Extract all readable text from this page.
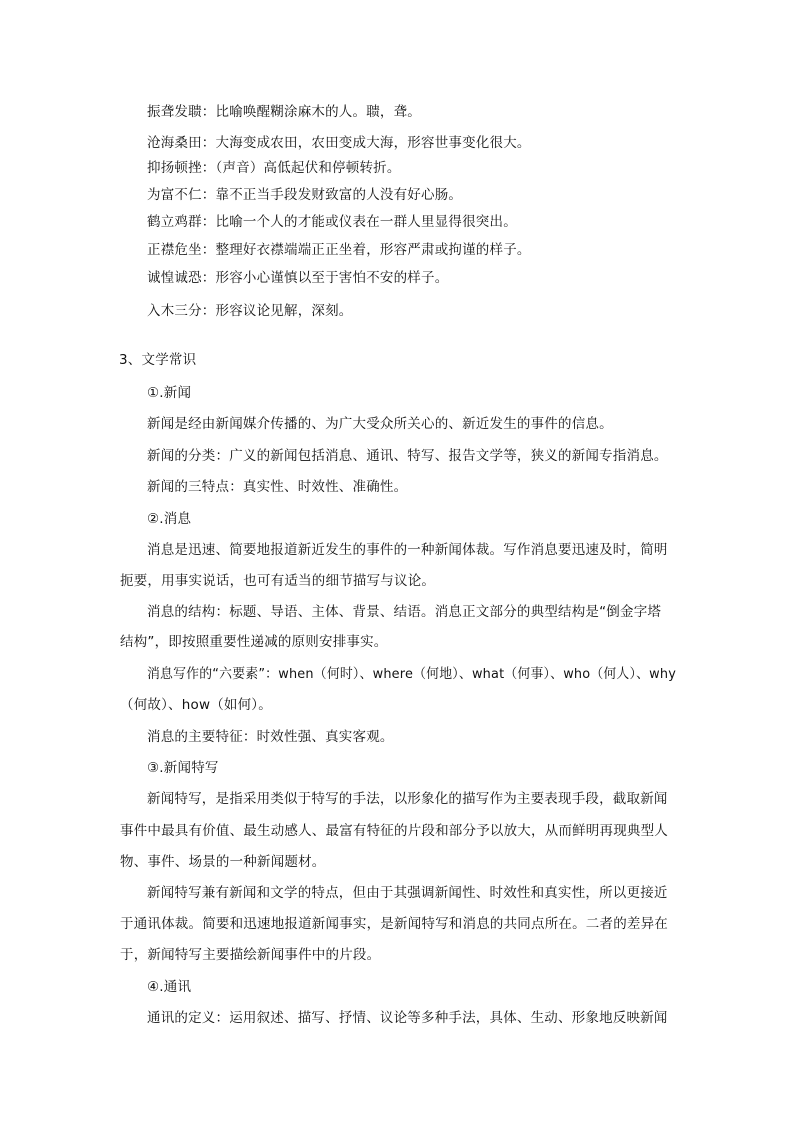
振聋发聩：比喻唤醒糊涂麻木的人。聩，聋。
沧海桑田：大海变成农田，农田变成大海，形容世事变化很大。
抑扬顿挫：（声音）高低起伏和停顿转折。
为富不仁：靠不正当手段发财致富的人没有好心肠。
鹤立鸡群：比喻一个人的才能或仪表在一群人里显得很突出。
正襟危坐：整理好衣襟端端正正坐着，形容严肃或拘谨的样子。
诚惶诚恐：形容小心谨慎以至于害怕不安的样子。
入木三分：形容议论见解，深刻。
3、文学常识
①.新闻
新闻是经由新闻媒介传播的、为广大受众所关心的、新近发生的事件的信息。
新闻的分类：广义的新闻包括消息、通讯、特写、报告文学等，狭义的新闻专指消息。
新闻的三特点：真实性、时效性、准确性。
②.消息
消息是迅速、简要地报道新近发生的事件的一种新闻体裁。写作消息要迅速及时，简明
扼要，用事实说话，也可有适当的细节描写与议论。
消息的结构：标题、导语、主体、背景、结语。消息正文部分的典型结构是“倒金字塔
结构”，即按照重要性递减的原则安排事实。
消息写作的“六要素”：when（何时）、where（何地）、what（何事）、who（何人）、why
（何故）、how（如何）。
消息的主要特征：时效性强、真实客观。
③.新闻特写
新闻特写，是指采用类似于特写的手法，以形象化的描写作为主要表现手段，截取新闻
事件中最具有价值、最生动感人、最富有特征的片段和部分予以放大，从而鲜明再现典型人
物、事件、场景的一种新闻题材。
新闻特写兼有新闻和文学的特点，但由于其强调新闻性、时效性和真实性，所以更接近
于通讯体裁。简要和迅速地报道新闻事实，是新闻特写和消息的共同点所在。二者的差异在
于，新闻特写主要描绘新闻事件中的片段。
④.通讯
通讯的定义：运用叙述、描写、抒情、议论等多种手法，具体、生动、形象地反映新闻
